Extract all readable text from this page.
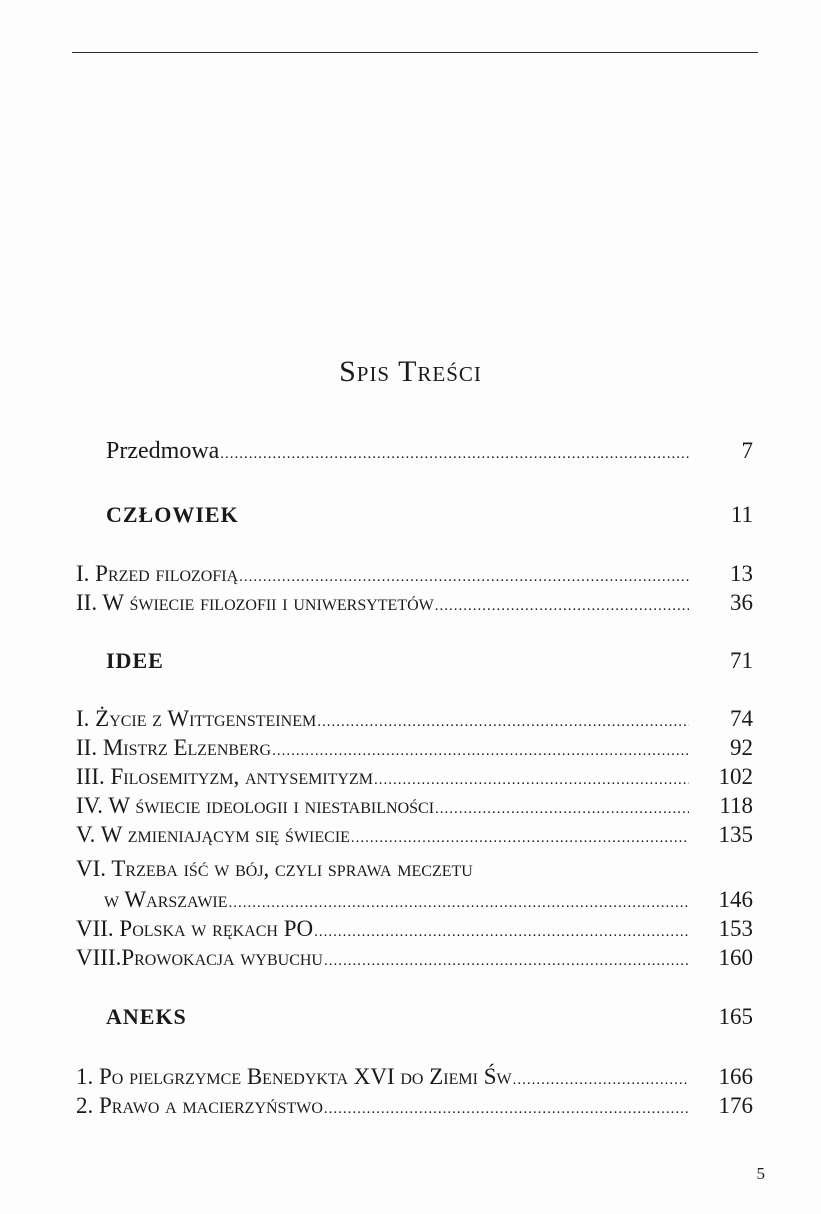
Spis Treści
Przedmowa .....	7
CZŁOWIEK	11
I. Przed filozofią .....	13
II. W świecie filozofii i uniwersytetów .....	36
IDEE	71
I. Życie z Wittgensteinem .....	74
II. Mistrz Elzenberg .....	92
III. Filosemityzm, antysemityzm .....	102
IV. W świecie ideologii i niestabilności .....	118
V. W zmieniającym się świecie .....	135
VI. Trzeba iść w bój, czyli sprawa meczetu
w Warszawie .....	146
VII. Polska w rękach PO .....	153
VIII.Prowokacja wybuchu .....	160
ANEKS	165
1. Po pielgrzymce Benedykta XVI do Ziemi Św .....	166
2. Prawo a macierzyństwo .....	176
5
